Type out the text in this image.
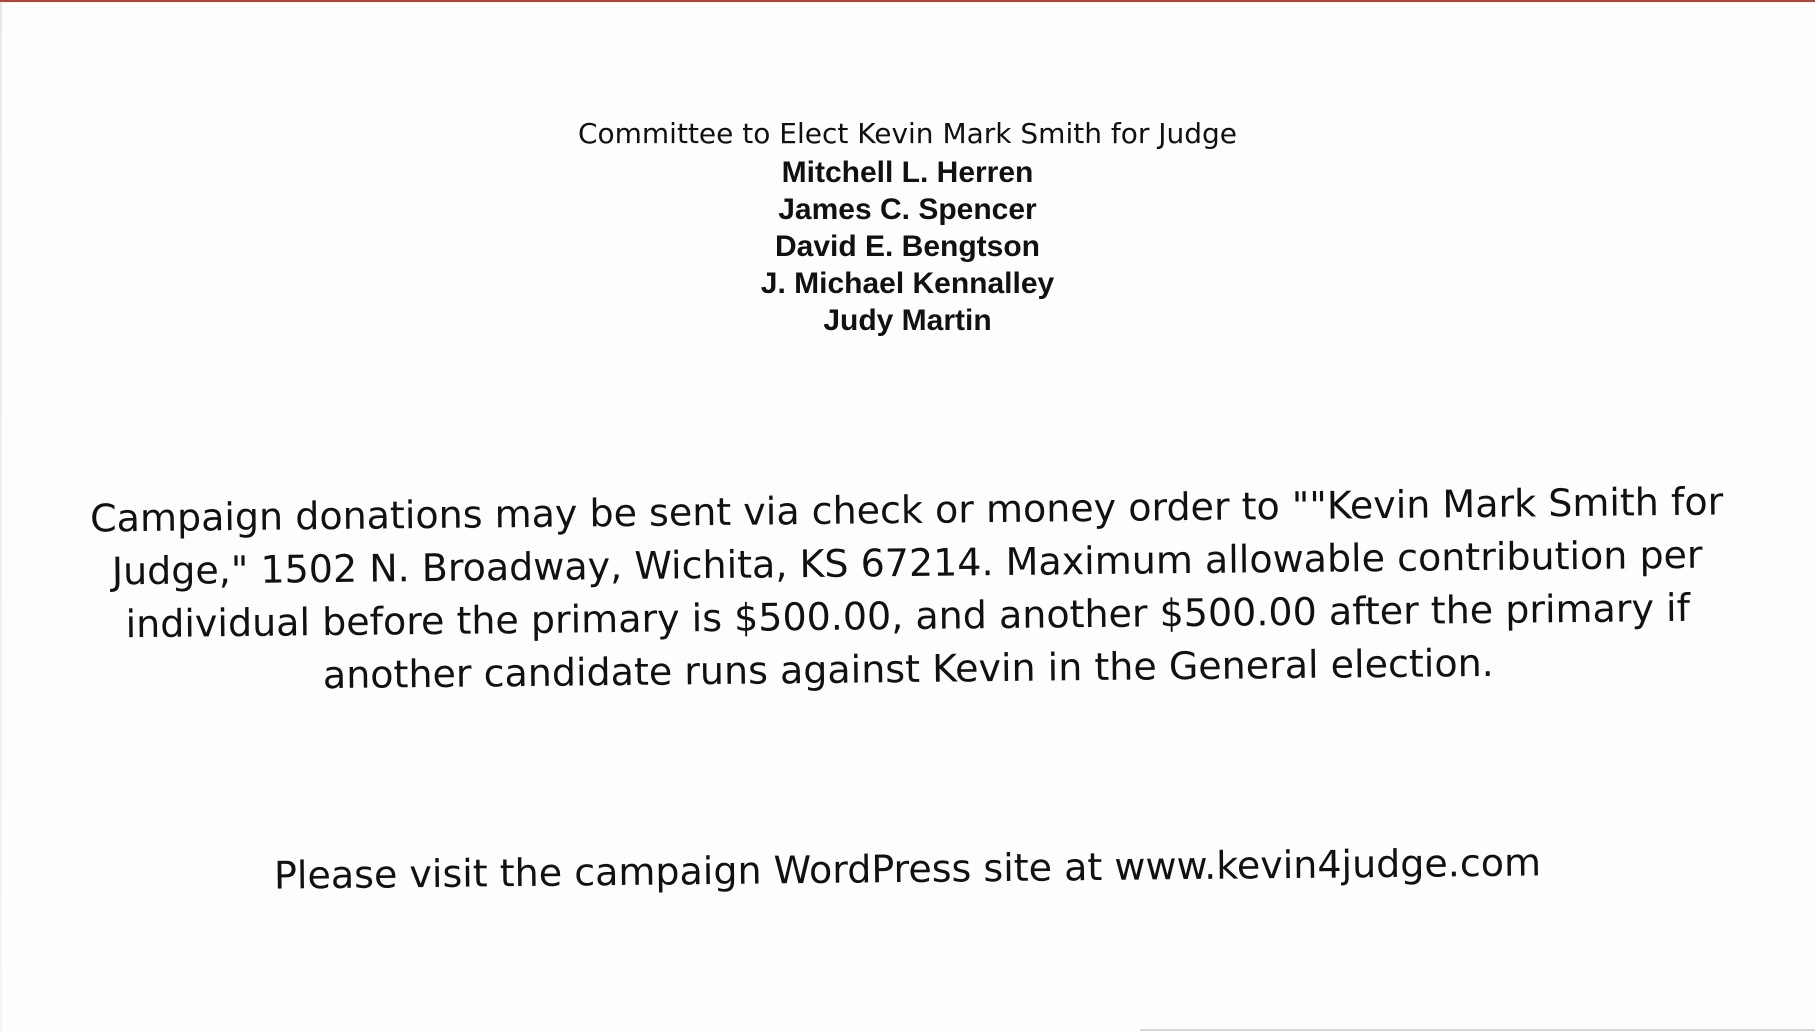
Committee to Elect Kevin Mark Smith for Judge
Mitchell L. Herren
James C. Spencer
David E. Bengtson
J. Michael Kennalley
Judy Martin

Campaign donations may be sent via check or money order to ""Kevin Mark Smith for Judge," 1502 N. Broadway, Wichita, KS 67214. Maximum allowable contribution per individual before the primary is $500.00, and another $500.00 after the primary if another candidate runs against Kevin in the General election.

Please visit the campaign WordPress site at www.kevin4judge.com
